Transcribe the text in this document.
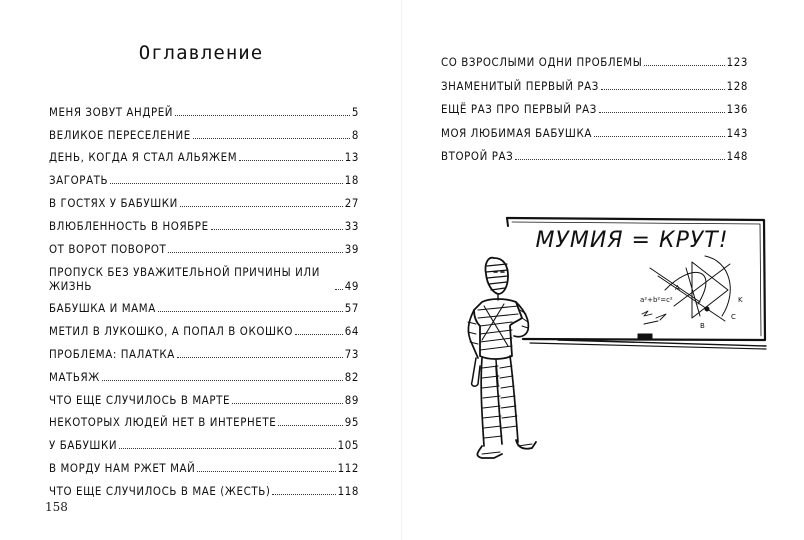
Оглавление
МЕНЯ ЗОВУТ АНДРЕЙ	5
ВЕЛИКОЕ ПЕРЕСЕЛЕНИЕ	8
ДЕНЬ, КОГДА Я СТАЛ АЛЬЯЖЕМ	13
ЗАГОРАТЬ	18
В ГОСТЯХ У БАБУШКИ	27
ВЛЮБЛЕННОСТЬ В НОЯБРЕ	33
ОТ ВОРОТ ПОВОРОТ	39
ПРОПУСК БЕЗ УВАЖИТЕЛЬНОЙ ПРИЧИНЫ ИЛИ ЖИЗНЬ	49
БАБУШКА И МАМА	57
МЕТИЛ В ЛУКОШКО, А ПОПАЛ В ОКОШКО	64
ПРОБЛЕМА: ПАЛАТКА	73
МАТЬЯЖ	82
ЧТО ЕЩЕ СЛУЧИЛОСЬ В МАРТЕ	89
НЕКОТОРЫХ ЛЮДЕЙ НЕТ В ИНТЕРНЕТЕ	95
У БАБУШКИ	105
В МОРДУ НАМ РЖЕТ МАЙ	112
ЧТО ЕЩЕ СЛУЧИЛОСЬ В МАЕ (ЖЕСТЬ)	118
158
СО ВЗРОСЛЫМИ ОДНИ ПРОБЛЕМЫ	123
ЗНАМЕНИТЫЙ ПЕРВЫЙ РАЗ	128
ЕЩЁ РАЗ ПРО ПЕРВЫЙ РАЗ	136
МОЯ ЛЮБИМАЯ БАБУШКА	143
ВТОРОЙ РАЗ	148
МУМИЯ = КРУТ!
a²+b²=c²
A
B
C
K
